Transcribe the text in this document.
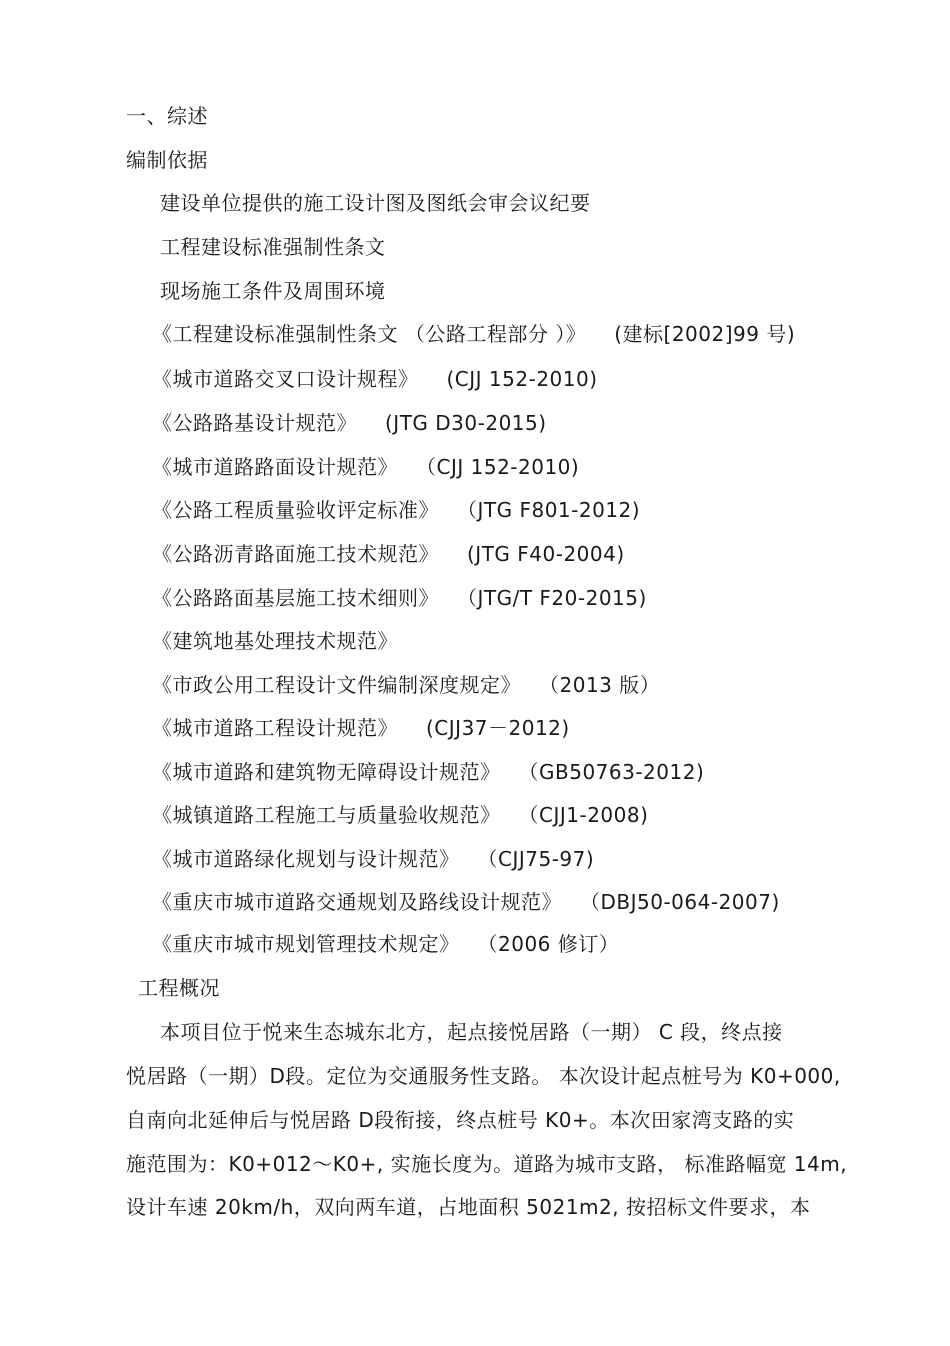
一、综述
编制依据
建设单位提供的施工设计图及图纸会审会议纪要
工程建设标准强制性条文
现场施工条件及周围环境
《工程建设标准强制性条文 （公路工程部分 ）》 (建标[2002]99 号)
《城市道路交叉口设计规程》 (CJJ 152-2010)
《公路路基设计规范》 (JTG D30-2015)
《城市道路路面设计规范》 （CJJ 152-2010)
《公路工程质量验收评定标准》 （JTG F801-2012)
《公路沥青路面施工技术规范》 (JTG F40-2004)
《公路路面基层施工技术细则》 （JTG/T F20-2015)
《建筑地基处理技术规范》
《市政公用工程设计文件编制深度规定》 （2013 版）
《城市道路工程设计规范》 (CJJ37－2012)
《城市道路和建筑物无障碍设计规范》 （GB50763-2012)
《城镇道路工程施工与质量验收规范》 （CJJ1-2008)
《城市道路绿化规划与设计规范》 （CJJ75-97)
《重庆市城市道路交通规划及路线设计规范》 （DBJ50-064-2007)
《重庆市城市规划管理技术规定》 （2006 修订）
工程概况
本项目位于悦来生态城东北方，起点接悦居路（一期） C 段，终点接
悦居路（一期）D段。定位为交通服务性支路。 本次设计起点桩号为 K0+000,
自南向北延伸后与悦居路 D段衔接，终点桩号 K0+。本次田家湾支路的实
施范围为：K0+012～K0+, 实施长度为。道路为城市支路， 标准路幅宽 14m,
设计车速 20km/h，双向两车道，占地面积 5021m2, 按招标文件要求，本
